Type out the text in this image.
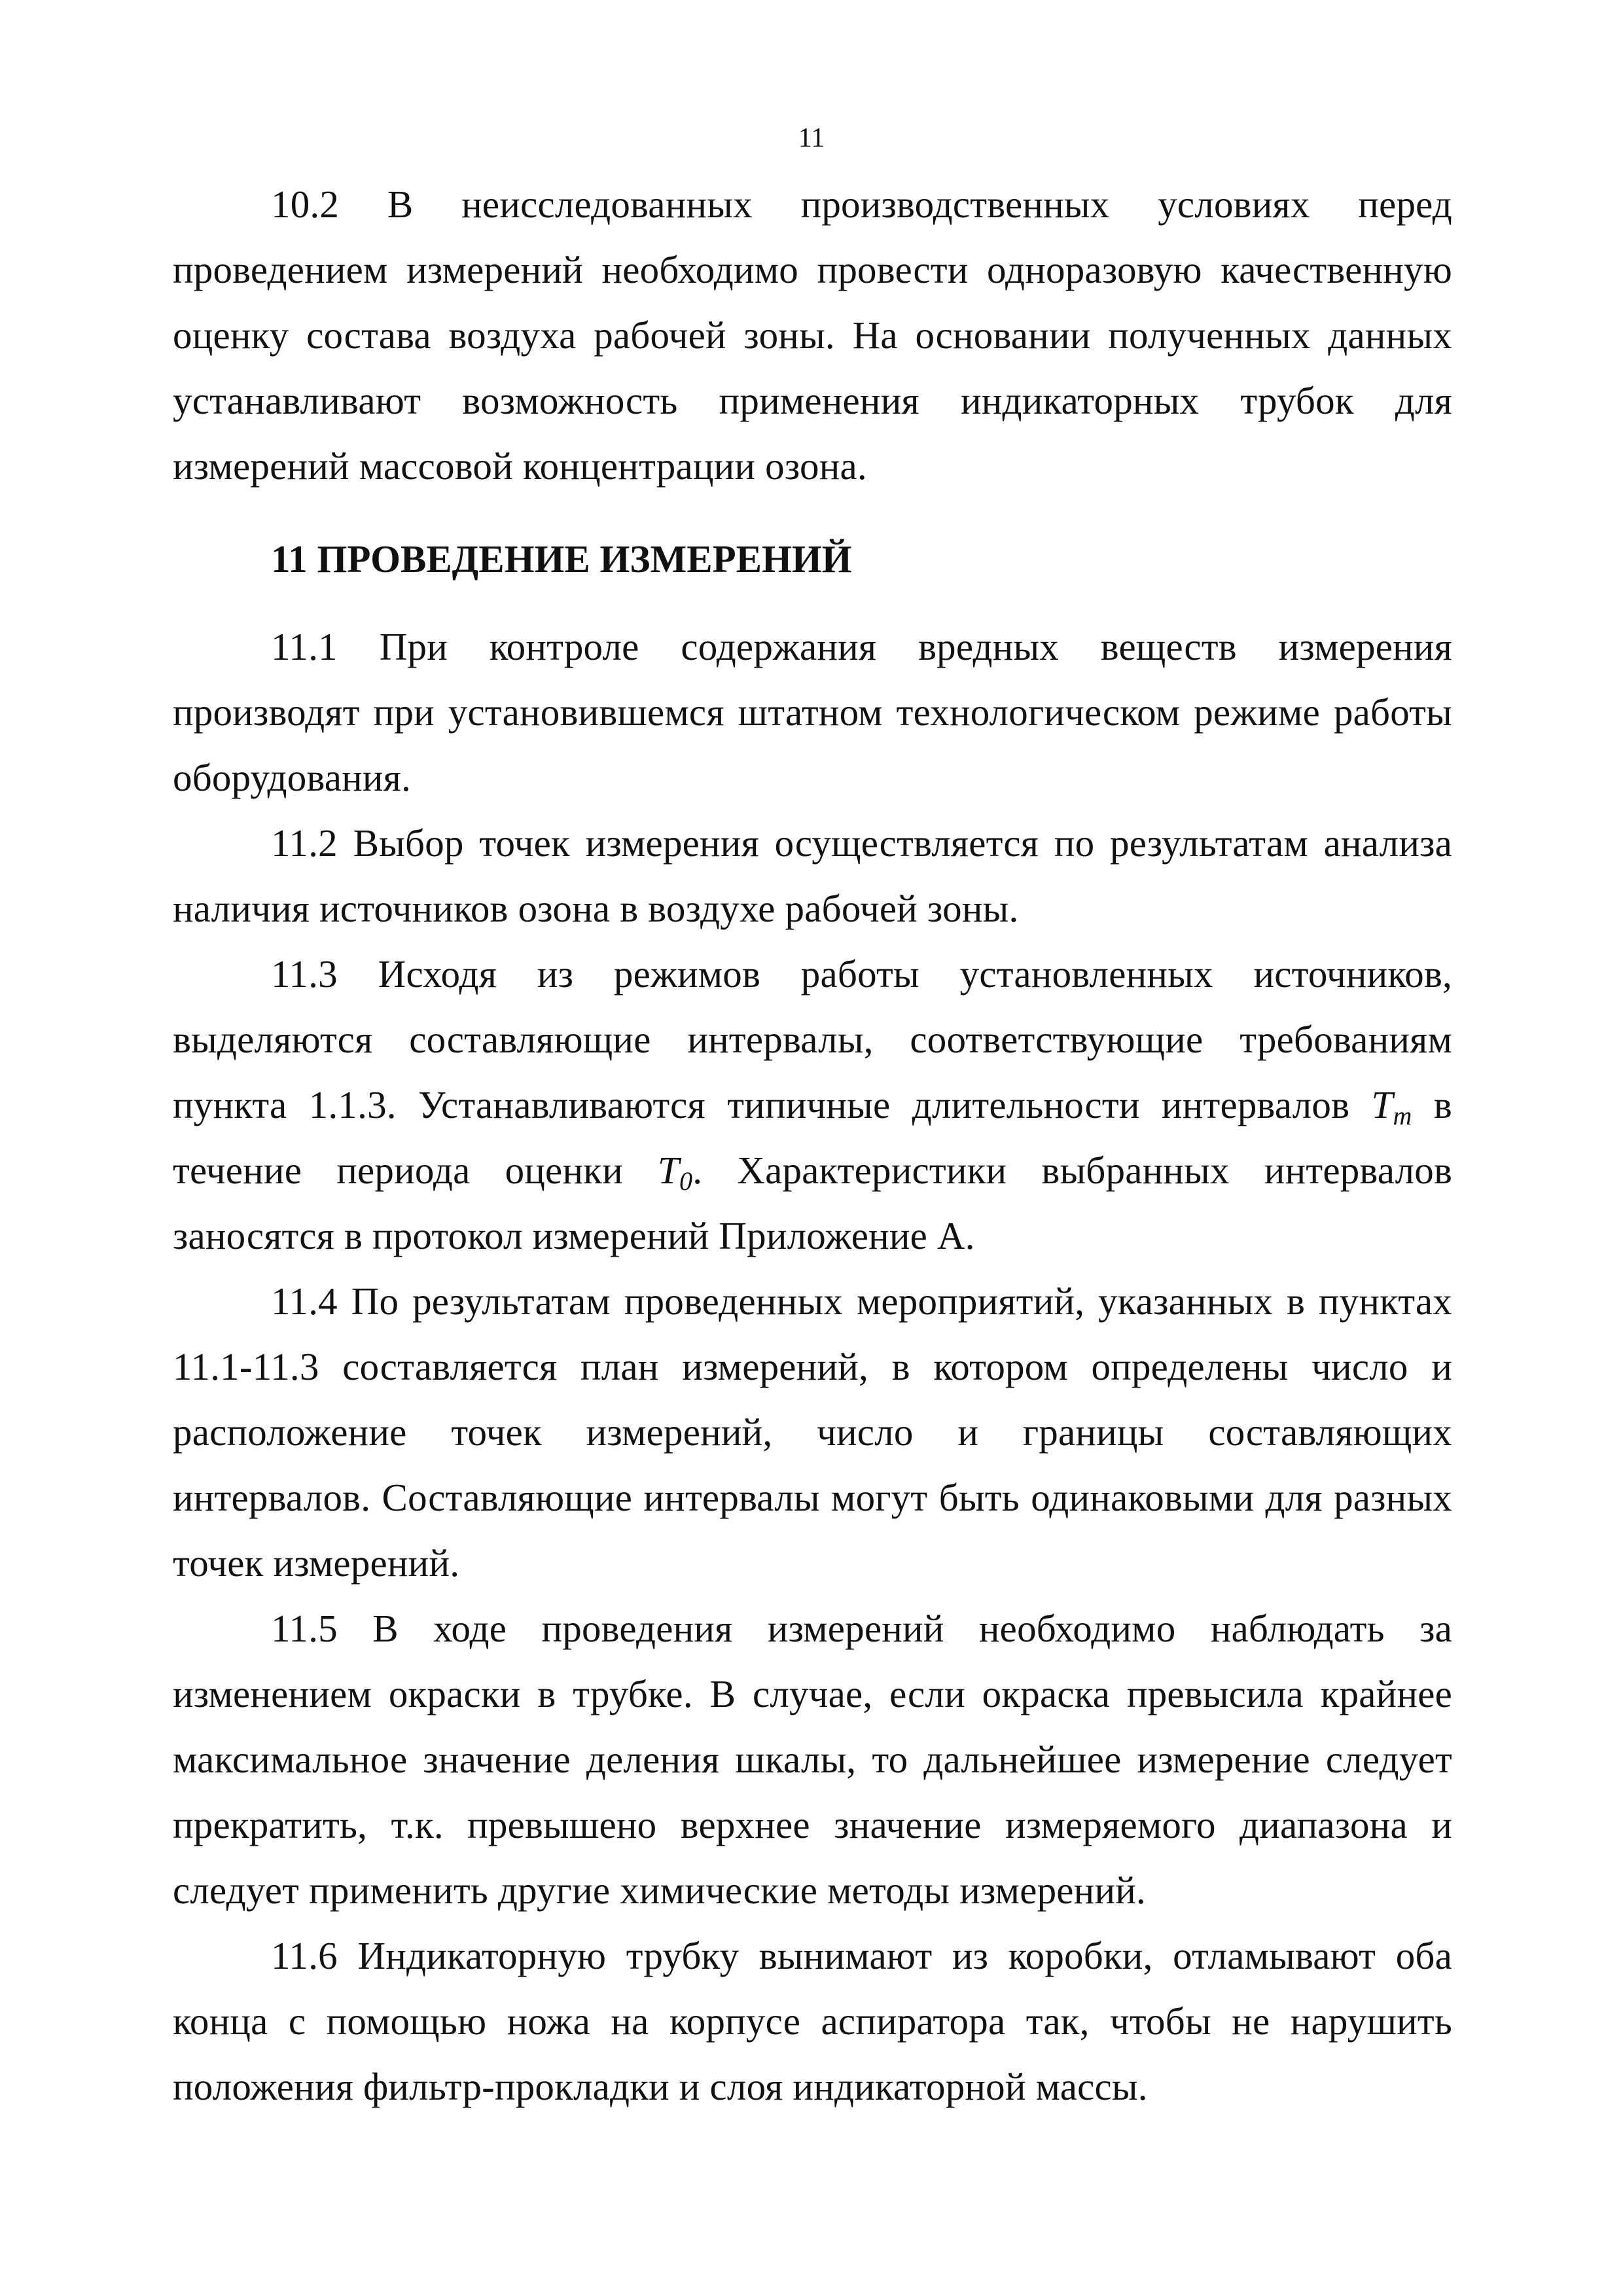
11

10.2 В неисследованных производственных условиях перед проведением измерений необходимо провести одноразовую качественную оценку состава воздуха рабочей зоны. На основании полученных данных устанавливают возможность применения индикаторных трубок для измерений массовой концентрации озона.

11 ПРОВЕДЕНИЕ ИЗМЕРЕНИЙ

11.1 При контроле содержания вредных веществ измерения производят при установившемся штатном технологическом режиме работы оборудования.

11.2 Выбор точек измерения осуществляется по результатам анализа наличия источников озона в воздухе рабочей зоны.

11.3 Исходя из режимов работы установленных источников, выделяются составляющие интервалы, соответствующие требованиям пункта 1.1.3. Устанавливаются типичные длительности интервалов $T_m$ в течение периода оценки $T_0$. Характеристики выбранных интервалов заносятся в протокол измерений Приложение А.

11.4 По результатам проведенных мероприятий, указанных в пунктах 11.1-11.3 составляется план измерений, в котором определены число и расположение точек измерений, число и границы составляющих интервалов. Составляющие интервалы могут быть одинаковыми для разных точек измерений.

11.5 В ходе проведения измерений необходимо наблюдать за изменением окраски в трубке. В случае, если окраска превысила крайнее максимальное значение деления шкалы, то дальнейшее измерение следует прекратить, т.к. превышено верхнее значение измеряемого диапазона и следует применить другие химические методы измерений.

11.6 Индикаторную трубку вынимают из коробки, отламывают оба конца с помощью ножа на корпусе аспиратора так, чтобы не нарушить положения фильтр-прокладки и слоя индикаторной массы.
